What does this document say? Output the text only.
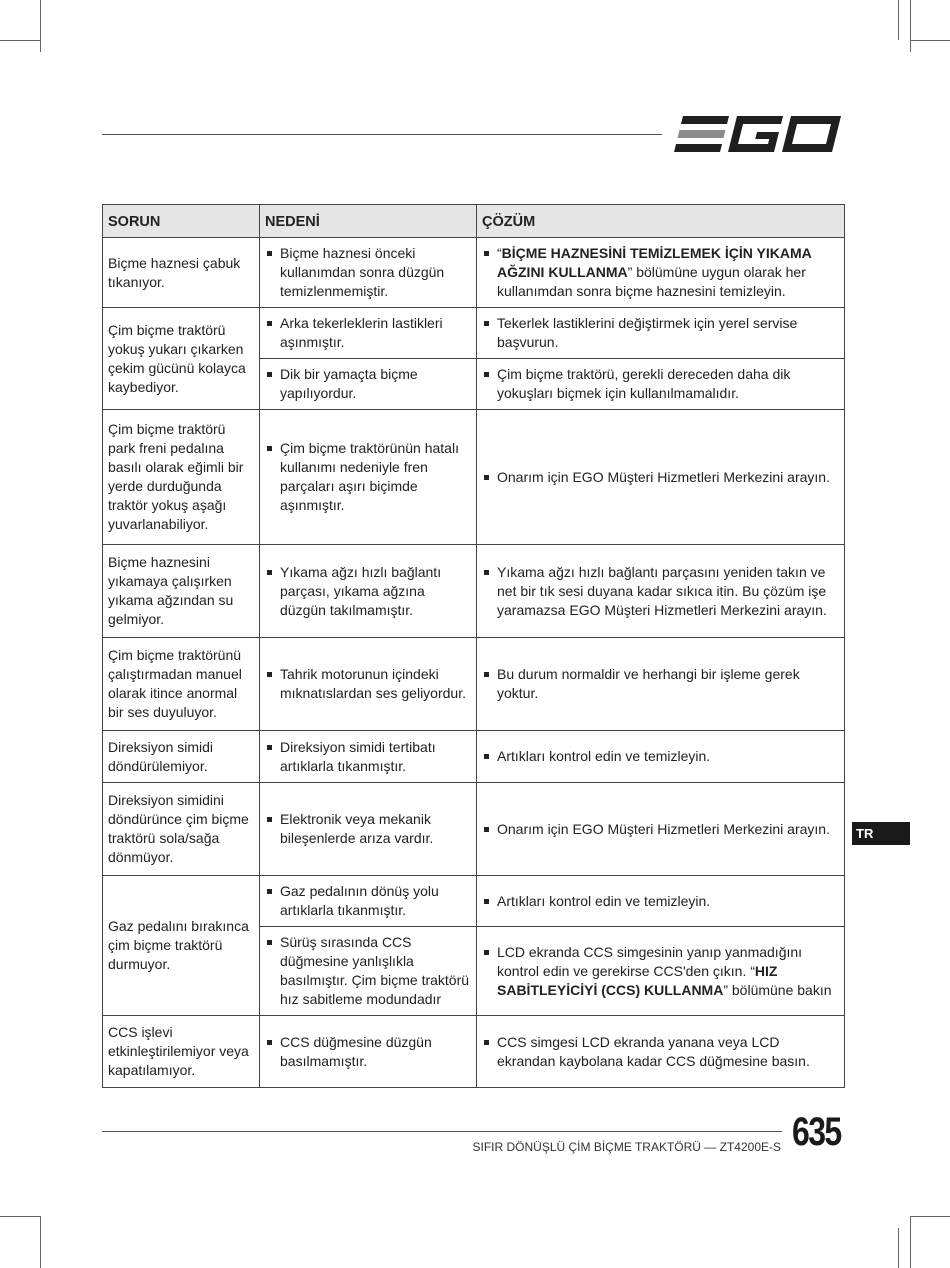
SORUN	NEDENİ	ÇÖZÜM
Biçme haznesi çabuk tıkanıyor.	Biçme haznesi önceki kullanımdan sonra düzgün temizlenmemiştir.	“BİÇME HAZNESİNİ TEMİZLEMEK İÇİN YIKAMA AĞZINI KULLANMA” bölümüne uygun olarak her kullanımdan sonra biçme haznesini temizleyin.

Çim biçme traktörü yokuş yukarı çıkarken çekim gücünü kolayca kaybediyor.	Arka tekerleklerin lastikleri aşınmıştır.	Tekerlek lastiklerini değiştirmek için yerel servise başvurun.

	Dik bir yamaçta biçme yapılıyordur.	Çim biçme traktörü, gerekli dereceden daha dik yokuşları biçmek için kullanılmamalıdır.

Çim biçme traktörü park freni pedalına basılı olarak eğimli bir yerde durduğunda traktör yokuş aşağı yuvarlanabiliyor.	Çim biçme traktörünün hatalı kullanımı nedeniyle fren parçaları aşırı biçimde aşınmıştır.	Onarım için EGO Müşteri Hizmetleri Merkezini arayın.

Biçme haznesini yıkamaya çalışırken yıkama ağzından su gelmiyor.	Yıkama ağzı hızlı bağlantı parçası, yıkama ağzına düzgün takılmamıştır.	Yıkama ağzı hızlı bağlantı parçasını yeniden takın ve net bir tık sesi duyana kadar sıkıca itin. Bu çözüm işe yaramazsa EGO Müşteri Hizmetleri Merkezini arayın.

Çim biçme traktörünü çalıştırmadan manuel olarak itince anormal bir ses duyuluyor.	Tahrik motorunun içindeki mıknatıslardan ses geliyordur.	Bu durum normaldir ve herhangi bir işleme gerek yoktur.

Direksiyon simidi döndürülemiyor.	Direksiyon simidi tertibatı artıklarla tıkanmıştır.	Artıkları kontrol edin ve temizleyin.

Direksiyon simidini döndürünce çim biçme traktörü sola/sağa dönmüyor.	Elektronik veya mekanik bileşenlerde arıza vardır.	Onarım için EGO Müşteri Hizmetleri Merkezini arayın.

Gaz pedalını bırakınca çim biçme traktörü durmuyor.	Gaz pedalının dönüş yolu artıklarla tıkanmıştır.	Artıkları kontrol edin ve temizleyin.

	Sürüş sırasında CCS düğmesine yanlışlıkla basılmıştır. Çim biçme traktörü hız sabitleme modundadır	LCD ekranda CCS simgesinin yanıp yanmadığını kontrol edin ve gerekirse CCS'den çıkın. “HIZ SABİTLEYİCİYİ (CCS) KULLANMA” bölümüne bakın

CCS işlevi etkinleştirilemiyor veya kapatılamıyor.	CCS düğmesine düzgün basılmamıştır.	CCS simgesi LCD ekranda yanana veya LCD ekrandan kaybolana kadar CCS düğmesine basın.
TR
SIFIR DÖNÜŞLÜ ÇİM BİÇME TRAKTÖRÜ — ZT4200E-S 635
